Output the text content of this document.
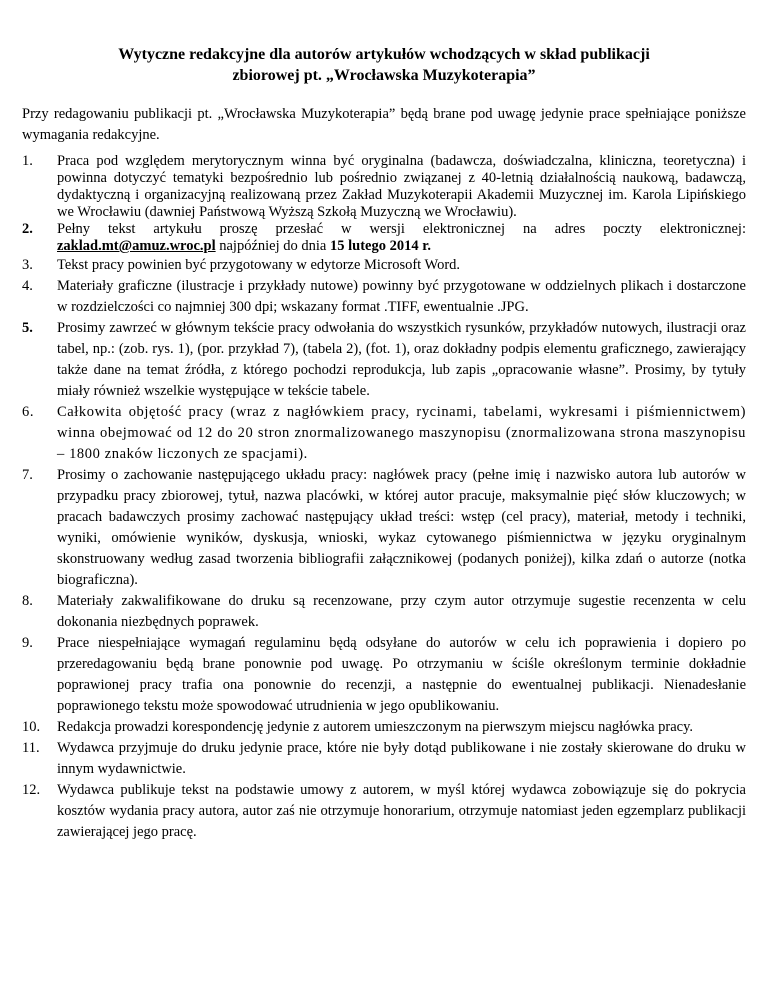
Wytyczne redakcyjne dla autorów artykułów wchodzących w skład publikacji
zbiorowej pt. „Wrocławska Muzykoterapia”

Przy redagowaniu publikacji pt. „Wrocławska Muzykoterapia” będą brane pod uwagę jedynie prace spełniające poniższe wymagania redakcyjne.

1.	Praca pod względem merytorycznym winna być oryginalna (badawcza, doświadczalna, kliniczna, teoretyczna) i powinna dotyczyć tematyki bezpośrednio lub pośrednio związanej z 40-letnią działalnością naukową, badawczą, dydaktyczną i organizacyjną realizowaną przez Zakład Muzykoterapii Akademii Muzycznej im. Karola Lipińskiego we Wrocławiu (dawniej Państwową Wyższą Szkołą Muzyczną we Wrocławiu).
2.	Pełny tekst artykułu proszę przesłać w wersji elektronicznej na adres poczty elektronicznej: zaklad.mt@amuz.wroc.pl najpóźniej do dnia 15 lutego 2014 r.
3.	Tekst pracy powinien być przygotowany w edytorze Microsoft Word.
4.	Materiały graficzne (ilustracje i przykłady nutowe) powinny być przygotowane w oddzielnych plikach i dostarczone w rozdzielczości co najmniej 300 dpi; wskazany format .TIFF, ewentualnie .JPG.
5.	Prosimy zawrzeć w głównym tekście pracy odwołania do wszystkich rysunków, przykładów nutowych, ilustracji oraz tabel, np.: (zob. rys. 1), (por. przykład 7), (tabela 2), (fot. 1), oraz dokładny podpis elementu graficznego, zawierający także dane na temat źródła, z którego pochodzi reprodukcja, lub zapis „opracowanie własne”. Prosimy, by tytuły miały również wszelkie występujące w tekście tabele.
6.	Całkowita objętość pracy (wraz z nagłówkiem pracy, rycinami, tabelami, wykresami i piśmiennictwem) winna obejmować od 12 do 20 stron znormalizowanego maszynopisu (znormalizowana strona maszynopisu – 1800 znaków liczonych ze spacjami).
7.	Prosimy o zachowanie następującego układu pracy: nagłówek pracy (pełne imię i nazwisko autora lub autorów w przypadku pracy zbiorowej, tytuł, nazwa placówki, w której autor pracuje, maksymalnie pięć słów kluczowych; w pracach badawczych prosimy zachować następujący układ treści: wstęp (cel pracy), materiał, metody i techniki, wyniki, omówienie wyników, dyskusja, wnioski, wykaz cytowanego piśmiennictwa w języku oryginalnym skonstruowany według zasad tworzenia bibliografii załącznikowej (podanych poniżej), kilka zdań o autorze (notka biograficzna).
8.	Materiały zakwalifikowane do druku są recenzowane, przy czym autor otrzymuje sugestie recenzenta w celu dokonania niezbędnych poprawek.
9.	Prace niespełniające wymagań regulaminu będą odsyłane do autorów w celu ich poprawienia i dopiero po przeredagowaniu będą brane ponownie pod uwagę. Po otrzymaniu w ściśle określonym terminie dokładnie poprawionej pracy trafia ona ponownie do recenzji, a następnie do ewentualnej publikacji. Nienadesłanie poprawionego tekstu może spowodować utrudnienia w jego opublikowaniu.
10.	Redakcja prowadzi korespondencję jedynie z autorem umieszczonym na pierwszym miejscu nagłówka pracy.
11.	Wydawca przyjmuje do druku jedynie prace, które nie były dotąd publikowane i nie zostały skierowane do druku w innym wydawnictwie.
12.	Wydawca publikuje tekst na podstawie umowy z autorem, w myśl której wydawca zobowiązuje się do pokrycia kosztów wydania pracy autora, autor zaś nie otrzymuje honorarium, otrzymuje natomiast jeden egzemplarz publikacji zawierającej jego pracę.
